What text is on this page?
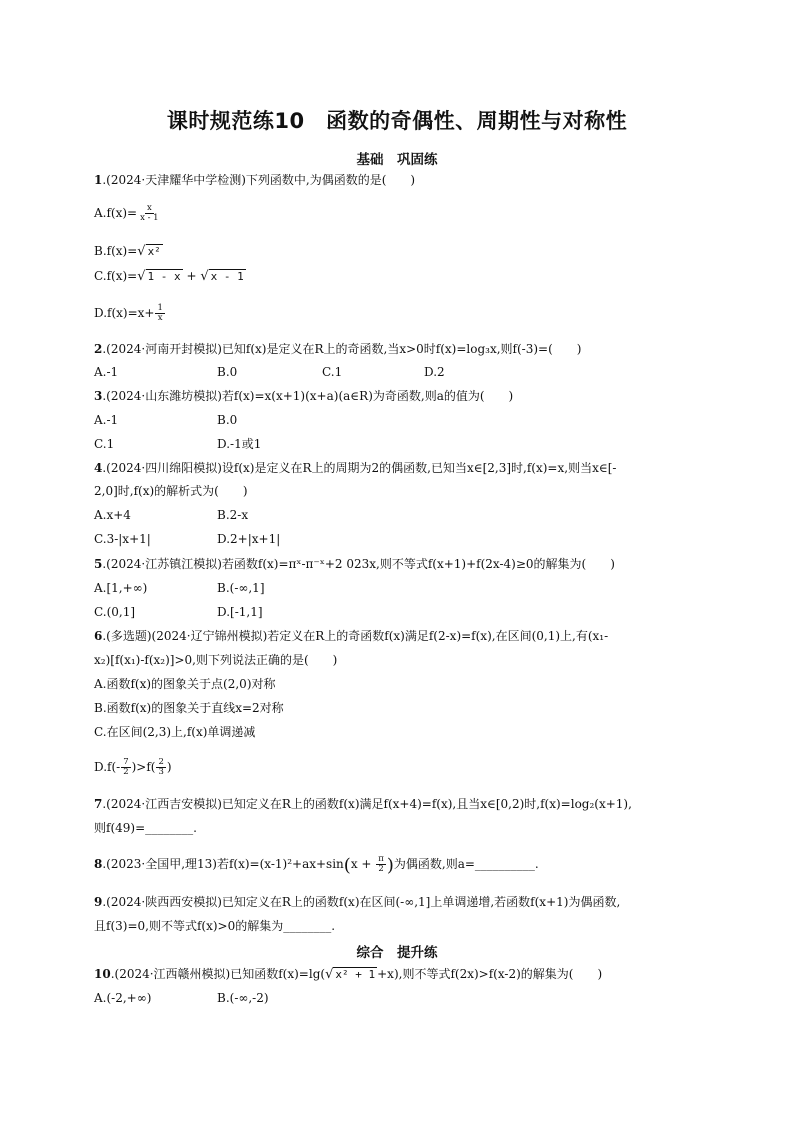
课时规范练10　函数的奇偶性、周期性与对称性
基础　巩固练
1.(2024·天津耀华中学检测)下列函数中,为偶函数的是(　　)
$A.f(x)= \frac{x}{x - 1}$
B.f(x)=√ x²
C.f(x)=√ 1 - x + √ x - 1
$D.f(x)=x+ \frac{1}{x}$
2.(2024·河南开封模拟)已知f(x)是定义在R上的奇函数,当x>0时f(x)=log₃x,则f(-3)=(　　)
A.-1	B.0	C.1	D.2
3.(2024·山东潍坊模拟)若f(x)=x(x+1)(x+a)(a∈R)为奇函数,则a的值为(　　)
A.-1	B.0
C.1	D.-1或1
4.(2024·四川绵阳模拟)设f(x)是定义在R上的周期为2的偶函数,已知当x∈[2,3]时,f(x)=x,则当x∈[-
2,0]时,f(x)的解析式为(　　)
A.x+4	B.2-x
C.3-|x+1|	D.2+|x+1|
5.(2024·江苏镇江模拟)若函数f(x)=πˣ-π⁻ˣ+2 023x,则不等式f(x+1)+f(2x-4)≥0的解集为(　　)
A.[1,+∞)	B.(-∞,1]
C.(0,1]	D.[-1,1]
6.(多选题)(2024·辽宁锦州模拟)若定义在R上的奇函数f(x)满足f(2-x)=f(x),在区间(0,1)上,有(x₁-
x₂)[f(x₁)-f(x₂)]>0,则下列说法正确的是(　　)
A.函数f(x)的图象关于点(2,0)对称
B.函数f(x)的图象关于直线x=2对称
C.在区间(2,3)上,f(x)单调递减
$D.f(- \frac{7}{2} )>f( \frac{2}{3}$ )
7.(2024·江西吉安模拟)已知定义在R上的函数f(x)满足f(x+4)=f(x),且当x∈[0,2)时,f(x)=log₂(x+1),
则f(49)=________.
8.(2023·全国甲,理13)若$f(x)=(x-1)^2+ax+\sin(x + \frac{\pi}{2}$ )为偶函数,则a=__________.
9.(2024·陕西西安模拟)已知定义在R上的函数f(x)在区间(-∞,1]上单调递增,若函数f(x+1)为偶函数,
且f(3)=0,则不等式f(x)>0的解集为________.
综合　提升练
10.(2024·江西赣州模拟)已知函数f(x)=lg(√ x² + 1 +x),则不等式f(2x)>f(x-2)的解集为(　　)
A.(-2,+∞)	B.(-∞,-2)
